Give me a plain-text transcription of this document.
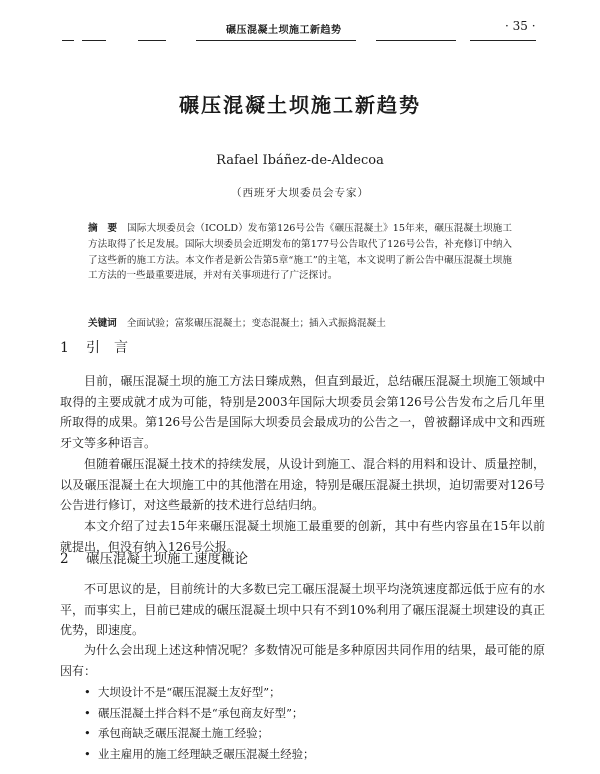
碾压混凝土坝施工新趋势	· 35 ·
碾压混凝土坝施工新趋势
Rafael Ibáñez-de-Aldecoa
（西班牙大坝委员会专家）
摘　要 国际大坝委员会（ICOLD）发布第126号公告《碾压混凝土》15年来，碾压混凝土坝施工方法取得了长足发展。国际大坝委员会近期发布的第177号公告取代了126号公告，补充修订中纳入了这些新的施工方法。本文作者是新公告第5章“施工”的主笔，本文说明了新公告中碾压混凝土坝施工方法的一些最重要进展，并对有关事项进行了广泛探讨。
关键词 全面试验；富浆碾压混凝土；变态混凝土；插入式振捣混凝土
1 引言

目前，碾压混凝土坝的施工方法日臻成熟，但直到最近，总结碾压混凝土坝施工领域中取得的主要成就才成为可能，特别是2003年国际大坝委员会第126号公告发布之后几年里所取得的成果。第126号公告是国际大坝委员会最成功的公告之一，曾被翻译成中文和西班牙文等多种语言。

但随着碾压混凝土技术的持续发展，从设计到施工、混合料的用料和设计、质量控制，以及碾压混凝土在大坝施工中的其他潜在用途，特别是碾压混凝土拱坝，迫切需要对126号公告进行修订，对这些最新的技术进行总结归纳。

本文介绍了过去15年来碾压混凝土坝施工最重要的创新，其中有些内容虽在15年以前就提出，但没有纳入126号公报。

2 碾压混凝土坝施工速度概论

不可思议的是，目前统计的大多数已完工碾压混凝土坝平均浇筑速度都远低于应有的水平，而事实上，目前已建成的碾压混凝土坝中只有不到10%利用了碾压混凝土坝建设的真正优势，即速度。

为什么会出现上述这种情况呢？多数情况可能是多种原因共同作用的结果，最可能的原因有：

• 大坝设计不是“碾压混凝土友好型”；
• 碾压混凝土拌合料不是“承包商友好型”；
• 承包商缺乏碾压混凝土施工经验；
• 业主雇用的施工经理缺乏碾压混凝土经验；
